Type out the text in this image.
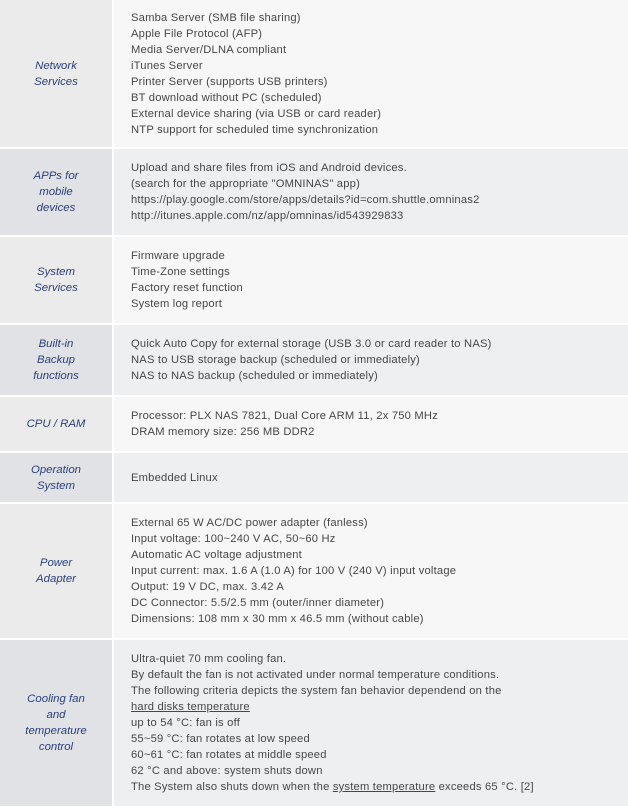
Network
Services
Samba Server (SMB file sharing)
Apple File Protocol (AFP)
Media Server/DLNA compliant
iTunes Server
Printer Server (supports USB printers)
BT download without PC (scheduled)
External device sharing (via USB or card reader)
NTP support for scheduled time synchronization
APPs for
mobile
devices
Upload and share files from iOS and Android devices.
(search for the appropriate "OMNINAS" app)
https://play.google.com/store/apps/details?id=com.shuttle.omninas2
http://itunes.apple.com/nz/app/omninas/id543929833
System
Services
Firmware upgrade
Time-Zone settings
Factory reset function
System log report
Built-in
Backup
functions
Quick Auto Copy for external storage (USB 3.0 or card reader to NAS)
NAS to USB storage backup (scheduled or immediately)
NAS to NAS backup (scheduled or immediately)
CPU / RAM
Processor: PLX NAS 7821, Dual Core ARM 11, 2x 750 MHz
DRAM memory size: 256 MB DDR2
Operation
System
Embedded Linux
Power
Adapter
External 65 W AC/DC power adapter (fanless)
Input voltage: 100~240 V AC, 50~60 Hz
Automatic AC voltage adjustment
Input current: max. 1.6 A (1.0 A) for 100 V (240 V) input voltage
Output: 19 V DC, max. 3.42 A
DC Connector: 5.5/2.5 mm (outer/inner diameter)
Dimensions: 108 mm x 30 mm x 46.5 mm (without cable)
Cooling fan
and
temperature
control
Ultra-quiet 70 mm cooling fan.
By default the fan is not activated under normal temperature conditions.
The following criteria depicts the system fan behavior dependend on the
hard disks temperature
up to 54 °C: fan is off
55~59 °C: fan rotates at low speed
60~61 °C: fan rotates at middle speed
62 °C and above: system shuts down
The System also shuts down when the system temperature exceeds 65 °C. [2]
